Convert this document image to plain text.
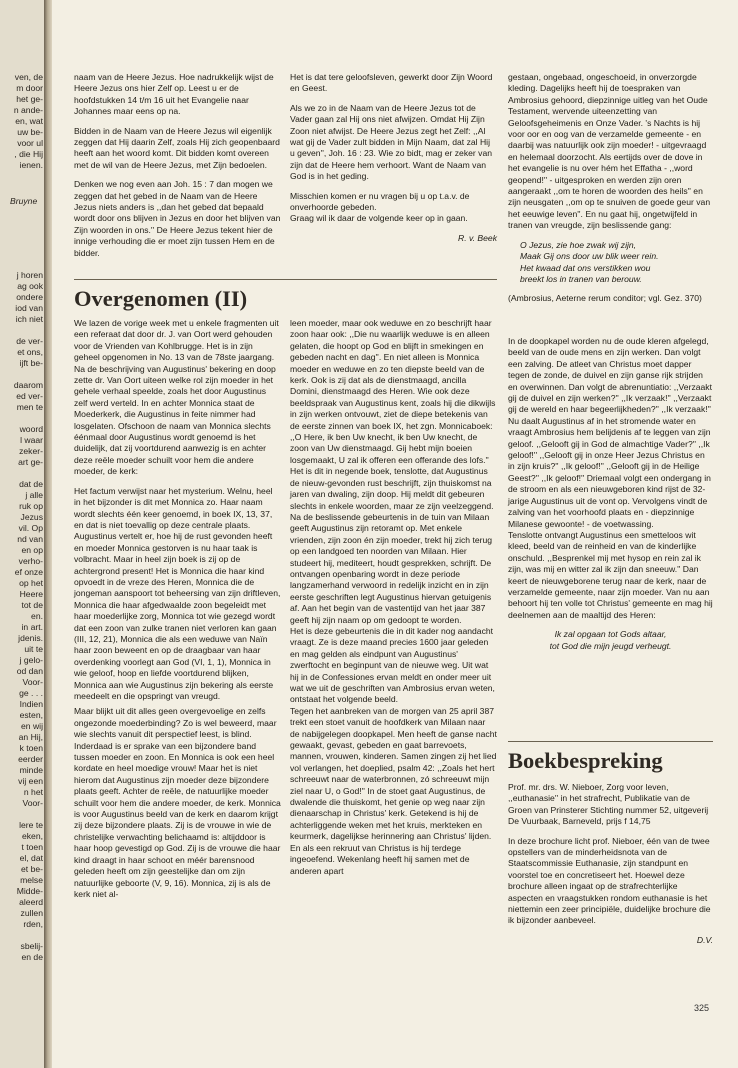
ven, de
m door
het ge-
n ande-
en, wat
uw be-
voor ul
, die Hij
ienen.
Bruyne
j horen
ag ook
ondere
iod van
ich niet

de ver-
et ons,
ijft be-

daarom
ed ver-
men te

woord
l waar
zeker-
art ge-

dat de
j alle
ruk op
Jezus
vil. Op
nd van
en op
verho-
ef onze
op het
Heere
tot de
en.
in art.
jdenis.
uit te
j gelo-
od dan
Voor-
ge . . .
Indien
esten,
en wij
an Hij,
k toen
eerder
minde
vij een
n het
Voor-

lere te
eken,
t toen
el, dat
et be-
melse
Midde-
aleerd
zullen
rden,

sbelij-
en de

naam van de Heere Jezus. Hoe nadrukkelijk wijst de Heere Jezus ons hier Zelf op. Leest u er de hoofdstukken 14 t/m 16 uit het Evangelie naar Johannes maar eens op na.

Bidden in de Naam van de Heere Jezus wil eigenlijk zeggen dat Hij daarin Zelf, zoals Hij zich geopenbaard heeft aan het woord komt. Dit bidden komt overeen met de wil van de Heere Jezus, met Zijn bedoelen.

Denken we nog even aan Joh. 15 : 7 dan mogen we zeggen dat het gebed in de Naam van de Heere Jezus niets anders is ,,dan het gebed dat bepaald wordt door ons blijven in Jezus en door het blijven van Zijn woorden in ons.'' De Heere Jezus tekent hier de innige verhouding die er moet zijn tussen Hem en de bidder.

Het is dat tere geloofsleven, gewerkt door Zijn Woord en Geest.

Als we zo in de Naam van de Heere Jezus tot de Vader gaan zal Hij ons niet afwijzen. Omdat Hij Zijn Zoon niet afwijst. De Heere Jezus zegt het Zelf: ,,Al wat gij de Vader zult bidden in Mijn Naam, dat zal Hij u geven'', Joh. 16 : 23. Wie zo bidt, mag er zeker van zijn dat de Heere hem verhoort. Want de Naam van God is in het geding.

Misschien komen er nu vragen bij u op t.a.v. de onverhoorde gebeden.

Graag wil ik daar de volgende keer op in gaan.

R. v. Beek

gestaan, ongebaad, ongeschoeid, in onverzorgde kleding. Dagelijks heeft hij de toespraken van Ambrosius gehoord, diepzinnige uitleg van het Oude Testament, wervende uiteenzetting van Geloofsgeheimenis en Onze Vader. 's Nachts is hij voor oor en oog van de verzamelde gemeente - en daarbij was natuurlijk ook zijn moeder! - uitgevraagd en helemaal doorzocht. Als eertijds over de dove in het evangelie is nu over hém het Effatha - ,,word geopend!'' - uitgesproken en werden zijn oren aangeraakt ,,om te horen de woorden des heils'' en zijn neusgaten ,,om op te snuiven de goede geur van het eeuwige leven''. En nu gaat hij, ongetwijfeld in tranen van vreugde, zijn beslissende gang:

O Jezus, zie hoe zwak wij zijn,
Maak Gij ons door uw blik weer rein.
Het kwaad dat ons verstikken wou
breekt los in tranen van berouw.

(Ambrosius, Aeterne rerum conditor; vgl. Gez. 370)

Overgenomen (II)

We lazen de vorige week met u enkele fragmenten uit een referaat dat door dr. J. van Oort werd gehouden voor de Vrienden van Kohlbrugge. Het is in zijn geheel opgenomen in No. 13 van de 78ste jaargang. Na de beschrijving van Augustinus' bekering en doop zette dr. Van Oort uiteen welke rol zijn moeder in het gehele verhaal speelde, zoals het door Augustinus zelf werd verteld. In en achter Monnica staat de Moederkerk, die Augustinus in feite nimmer had losgelaten. Ofschoon de naam van Monnica slechts éénmaal door Augustinus wordt genoemd is het duidelijk, dat zij voortdurend aanwezig is en achter deze reële moeder schuilt voor hem die andere moeder, de kerk:

Het factum verwijst naar het mysterium. Welnu, heel in het bijzonder is dit met Monnica zo. Haar naam wordt slechts één keer genoemd, in boek IX, 13, 37, en dat is niet toevallig op deze centrale plaats. Augustinus vertelt er, hoe hij de rust gevonden heeft en moeder Monnica gestorven is nu haar taak is volbracht. Maar in heel zijn boek is zij op de achtergrond present! Het is Monnica die haar kind opvoedt in de vreze des Heren, Monnica die de jongeman aanspoort tot beheersing van zijn driftleven, Monnica die haar afgedwaalde zoon begeleidt met haar moederlijke zorg, Monnica tot wie gezegd wordt dat een zoon van zulke tranen niet verloren kan gaan (III, 12, 21), Monnica die als een weduwe van Naïn haar zoon beweent en op de draagbaar van haar overdenking voorlegt aan God (VI, 1, 1), Monnica in wie geloof, hoop en liefde voortdurend blijken, Monnica aan wie Augustinus zijn bekering als eerste meedeelt en die opspringt van vreugd.

Maar blijkt uit dit alles geen overgevoelige en zelfs ongezonde moederbinding? Zo is wel beweerd, maar wie slechts vanuit dit perspectief leest, is blind. Inderdaad is er sprake van een bijzondere band tussen moeder en zoon. En Monnica is ook een heel kordate en heel moedige vrouw! Maar het is niet hierom dat Augustinus zijn moeder deze bijzondere plaats geeft. Achter de reële, de natuurlijke moeder schuilt voor hem die andere moeder, de kerk. Monnica is voor Augustinus beeld van de kerk en daarom krijgt zij deze bijzondere plaats. Zij is de vrouwe in wie de christelijke verwachting belichaamd is: altijddoor is haar hoop gevestigd op God. Zij is de vrouwe die haar kind draagt in haar schoot en méér barensnood geleden heeft om zijn geestelijke dan om zijn natuurlijke geboorte (V, 9, 16). Monnica, zij is als de kerk niet al-

leen moeder, maar ook weduwe en zo beschrijft haar zoon haar ook: ,,Die nu waarlijk weduwe is en alleen gelaten, die hoopt op God en blijft in smekingen en gebeden nacht en dag''. En niet alleen is Monnica moeder en weduwe en zo ten diepste beeld van de kerk. Ook is zij dat als de dienstmaagd, ancilla Domini, dienstmaagd des Heren. Wie ook deze beeldspraak van Augustinus kent, zoals hij die dikwijls in zijn werken ontvouwt, ziet de diepe betekenis van de eerste zinnen van boek IX, het zgn. Monnicaboek: ,,O Here, ik ben Uw knecht, ik ben Uw knecht, de zoon van Uw dienstmaagd. Gij hebt mijn boeien losgemaakt, U zal ik offeren een offerande des lofs.''

Het is dit in negende boek, tenslotte, dat Augustinus de nieuw-gevonden rust beschrijft, zijn thuiskomst na jaren van dwaling, zijn doop. Hij meldt dit gebeuren slechts in enkele woorden, maar ze zijn veelzeggend. Na de beslissende gebeurtenis in de tuin van Milaan geeft Augustinus zijn retoramt op. Met enkele vrienden, zijn zoon én zijn moeder, trekt hij zich terug op een landgoed ten noorden van Milaan. Hier studeert hij, mediteert, houdt gesprekken, schrijft. De ontvangen openbaring wordt in deze periode langzamerhand verwoord in redelijk inzicht en in zijn eerste geschriften legt Augustinus hiervan getuigenis af. Aan het begin van de vastentijd van het jaar 387 geeft hij zijn naam op om gedoopt te worden.

Het is deze gebeurtenis die in dit kader nog aandacht vraagt. Ze is deze maand precies 1600 jaar geleden en mag gelden als eindpunt van Augustinus' zwerftocht en beginpunt van de nieuwe weg. Uit wat hij in de Confessiones ervan meldt en onder meer uit wat we uit de geschriften van Ambrosius ervan weten, ontstaat het volgende beeld.

Tegen het aanbreken van de morgen van 25 april 387 trekt een stoet vanuit de hoofdkerk van Milaan naar de nabijgelegen doopkapel. Men heeft de ganse nacht gewaakt, gevast, gebeden en gaat barrevoets, mannen, vrouwen, kinderen. Samen zingen zij het lied vol verlangen, het doeplied, psalm 42: ,,Zoals het hert schreeuwt naar de waterbronnen, zó schreeuwt mijn ziel naar U, o God!'' In de stoet gaat Augustinus, de dwalende die thuiskomt, het genie op weg naar zijn dienaarschap in Christus' kerk. Getekend is hij de achterliggende weken met het kruis, merkteken en keurmerk, dagelijkse herinnering aan Christus' lijden. En als een rekruut van Christus is hij terdege ingeoefend. Wekenlang heeft hij samen met de anderen apart

In de doopkapel worden nu de oude kleren afgelegd, beeld van de oude mens en zijn werken. Dan volgt een zalving. De atleet van Christus moet dapper tegen de zonde, de duivel en zijn ganse rijk strijden en overwinnen. Dan volgt de abrenuntiatio: ,,Verzaakt gij de duivel en zijn werken?'' ,,Ik verzaak!'' ,,Verzaakt gij de wereld en haar begeerlijkheden?'' ,,Ik verzaak!'' Nu daalt Augustinus af in het stromende water en vraagt Ambrosius hem belijdenis af te leggen van zijn geloof. ,,Gelooft gij in God de almachtige Vader?'' ,,Ik geloof!'' ,,Gelooft gij in onze Heer Jezus Christus en in zijn kruis?'' ,,Ik geloof!'' ,,Gelooft gij in de Heilige Geest?'' ,,Ik geloof!'' Driemaal volgt een ondergang in de stroom en als een nieuwgeboren kind rijst de 32-jarige Augustinus uit de vont op. Vervolgens vindt de zalving van het voorhoofd plaats en - diepzinnige Milanese gewoonte! - de voetwassing.

Tenslotte ontvangt Augustinus een smetteloos wit kleed, beeld van de reinheid en van de kinderlijke onschuld. ,,Besprenkel mij met hysop en rein zal ik zijn, was mij en witter zal ik zijn dan sneeuw.'' Dan keert de nieuwgeborene terug naar de kerk, naar de verzamelde gemeente, naar zijn moeder. Van nu aan behoort hij ten volle tot Christus' gemeente en mag hij deelnemen aan de maaltijd des Heren:

Ik zal opgaan tot Gods altaar,
tot God die mijn jeugd verheugt.
Boekbespreking

Prof. mr. drs. W. Nieboer, Zorg voor leven, ,,euthanasie'' in het strafrecht, Publikatie van de Groen van Prinsterer Stichting nummer 52, uitgeverij De Vuurbaak, Barneveld, prijs f 14,75

In deze brochure licht prof. Nieboer, één van de twee opstellers van de minderheidsnota van de Staatscommissie Euthanasie, zijn standpunt en voorstel toe en concretiseert het. Hoewel deze brochure alleen ingaat op de strafrechterlijke aspecten en vraagstukken rondom euthanasie is het niettemin een zeer principiële, duidelijke brochure die ik bijzonder aanbeveel.

D.V.
325
